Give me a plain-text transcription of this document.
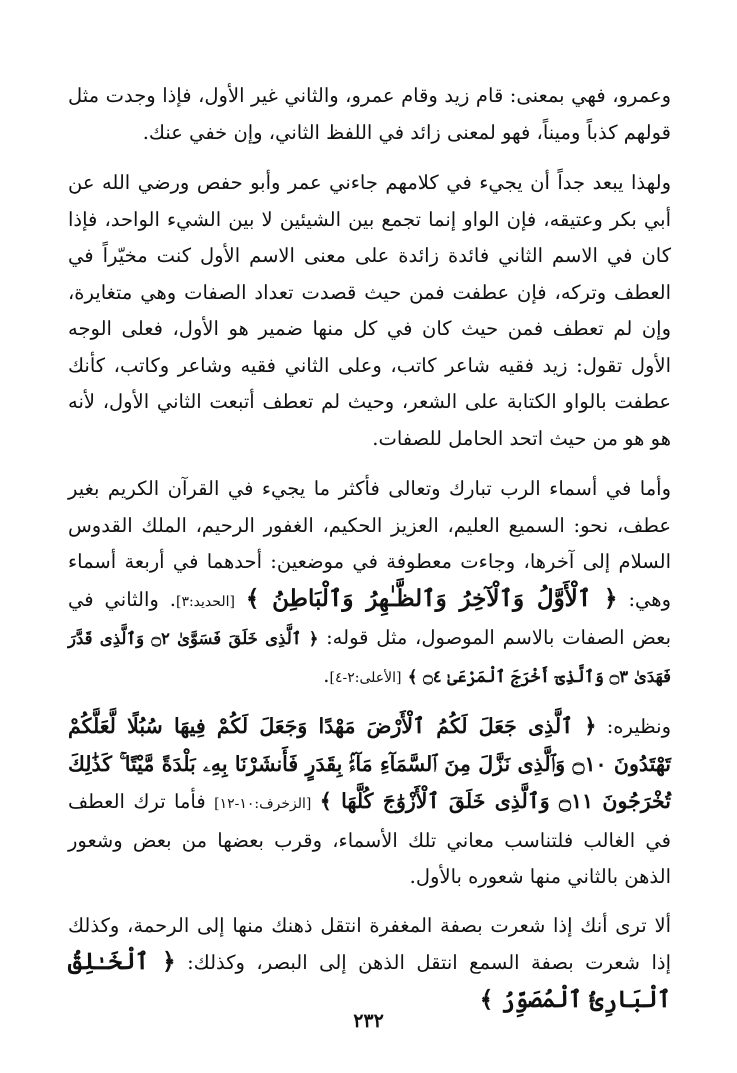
وعمرو، فهي بمعنى: قام زيد وقام عمرو، والثاني غير الأول، فإذا وجدت مثل قولهم كذباً وميناً، فهو لمعنى زائد في اللفظ الثاني، وإن خفي عنك.

ولهذا يبعد جداً أن يجيء في كلامهم جاءني عمر وأبو حفص ورضي الله عن أبي بكر وعتيقه، فإن الواو إنما تجمع بين الشيئين لا بين الشيء الواحد، فإذا كان في الاسم الثاني فائدة زائدة على معنى الاسم الأول كنت مخيّراً في العطف وتركه، فإن عطفت فمن حيث قصدت تعداد الصفات وهي متغايرة، وإن لم تعطف فمن حيث كان في كل منها ضمير هو الأول، فعلى الوجه الأول تقول: زيد فقيه شاعر كاتب، وعلى الثاني فقيه وشاعر وكاتب، كأنك عطفت بالواو الكتابة على الشعر، وحيث لم تعطف أتبعت الثاني الأول، لأنه هو هو من حيث اتحد الحامل للصفات.

وأما في أسماء الرب تبارك وتعالى فأكثر ما يجيء في القرآن الكريم بغير عطف، نحو: السميع العليم، العزيز الحكيم، الغفور الرحيم، الملك القدوس السلام إلى آخرها، وجاءت معطوفة في موضعين: أحدهما في أربعة أسماء وهي: ﴿ ٱلْأَوَّلُ وَٱلْآخِرُ وَٱلظَّـٰهِرُ وَٱلْبَاطِنُ ﴾ [الحديد:٣]. والثاني في بعض الصفات بالاسم الموصول، مثل قوله: ﴿ ٱلَّذِى خَلَقَ فَسَوَّىٰ ۝٢ وَٱلَّذِى قَدَّرَ فَهَدَىٰ ۝٣ وَٱلَّذِىٓ أَخْرَجَ ٱلْمَرْعَىٰ ۝٤ ﴾ [الأعلى:٢-٤].

ونظيره: ﴿ ٱلَّذِى جَعَلَ لَكُمُ ٱلْأَرْضَ مَهْدًا وَجَعَلَ لَكُمْ فِيهَا سُبُلًا لَّعَلَّكُمْ تَهْتَدُونَ ۝١٠ وَٱلَّذِى نَزَّلَ مِنَ ٱلسَّمَآءِ مَآءًۢ بِقَدَرٍ فَأَنشَرْنَا بِهِۦ بَلْدَةً مَّيْتًا ۚ كَذَٰلِكَ تُخْرَجُونَ ۝١١ وَٱلَّذِى خَلَقَ ٱلْأَزْوَٰجَ كُلَّهَا ﴾ [الزخرف:١٠-١٢] فأما ترك العطف في الغالب فلتناسب معاني تلك الأسماء، وقرب بعضها من بعض وشعور الذهن بالثاني منها شعوره بالأول.

ألا ترى أنك إذا شعرت بصفة المغفرة انتقل ذهنك منها إلى الرحمة، وكذلك إذا شعرت بصفة السمع انتقل الذهن إلى البصر، وكذلك: ﴿ ٱلْخَـٰلِقُ ٱلْبَارِئُ ٱلْمُصَوِّرُ ﴾

٢٣٢
